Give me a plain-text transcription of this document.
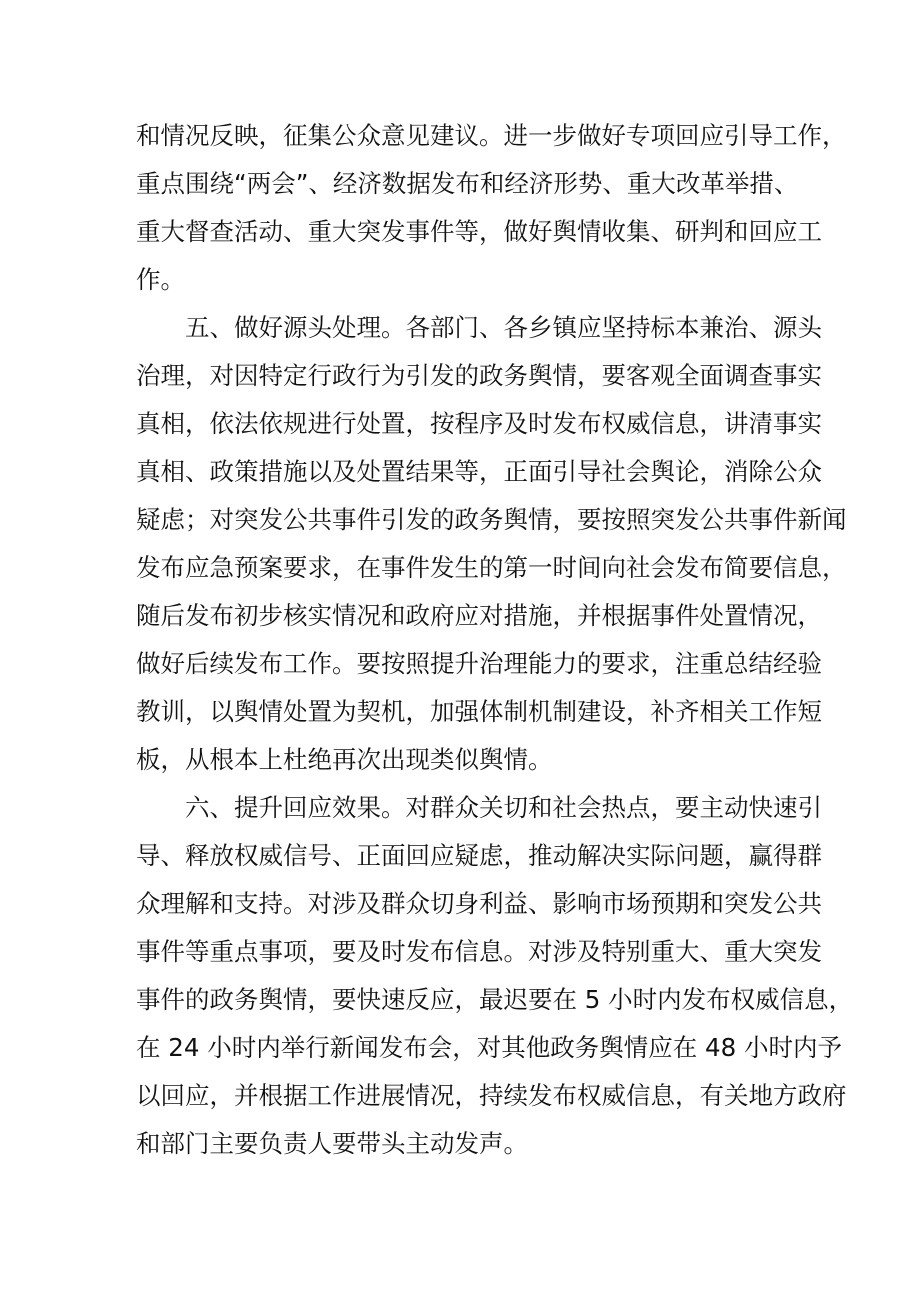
和情况反映，征集公众意见建议。进一步做好专项回应引导工作，
重点围绕“两会”、经济数据发布和经济形势、重大改革举措、
重大督查活动、重大突发事件等，做好舆情收集、研判和回应工
作。
五、做好源头处理。各部门、各乡镇应坚持标本兼治、源头
治理，对因特定行政行为引发的政务舆情，要客观全面调查事实
真相，依法依规进行处置，按程序及时发布权威信息，讲清事实
真相、政策措施以及处置结果等，正面引导社会舆论，消除公众
疑虑；对突发公共事件引发的政务舆情，要按照突发公共事件新闻
发布应急预案要求，在事件发生的第一时间向社会发布简要信息，
随后发布初步核实情况和政府应对措施，并根据事件处置情况，
做好后续发布工作。要按照提升治理能力的要求，注重总结经验
教训，以舆情处置为契机，加强体制机制建设，补齐相关工作短
板，从根本上杜绝再次出现类似舆情。
六、提升回应效果。对群众关切和社会热点，要主动快速引
导、释放权威信号、正面回应疑虑，推动解决实际问题，赢得群
众理解和支持。对涉及群众切身利益、影响市场预期和突发公共
事件等重点事项，要及时发布信息。对涉及特别重大、重大突发
事件的政务舆情，要快速反应，最迟要在 5 小时内发布权威信息，
在 24 小时内举行新闻发布会，对其他政务舆情应在 48 小时内予
以回应，并根据工作进展情况，持续发布权威信息，有关地方政府
和部门主要负责人要带头主动发声。
